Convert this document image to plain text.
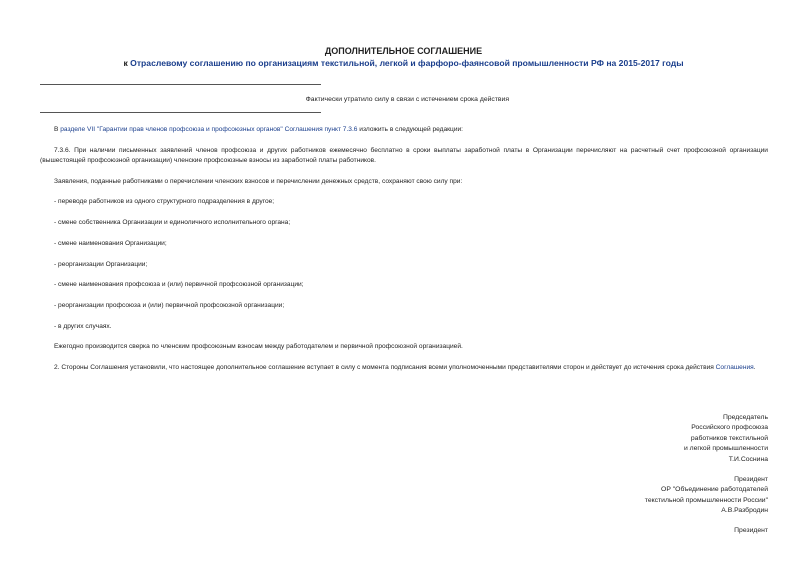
ДОПОЛНИТЕЛЬНОЕ СОГЛАШЕНИЕ
к Отраслевому соглашению по организациям текстильной, легкой и фарфоро-фаянсовой промышленности РФ на 2015-2017 годы
Фактически утратило силу в связи с истечением срока действия
В разделе VII "Гарантии прав членов профсоюза и профсоюзных органов" Соглашения пункт 7.3.6 изложить в следующей редакции:
7.3.6. При наличии письменных заявлений членов профсоюза и других работников ежемесячно бесплатно в сроки выплаты заработной платы в Организации перечисляют на расчетный счет профсоюзной организации (вышестоящей профсоюзной организации) членские профсоюзные взносы из заработной платы работников.
Заявления, поданные работниками о перечислении членских взносов и перечислении денежных средств, сохраняют свою силу при:
- переводе работников из одного структурного подразделения в другое;
- смене собственника Организации и единоличного исполнительного органа;
- смене наименования Организации;
- реорганизации Организации;
- смене наименования профсоюза и (или) первичной профсоюзной организации;
- реорганизации профсоюза и (или) первичной профсоюзной организации;
- в других случаях.
Ежегодно производится сверка по членским профсоюзным взносам между работодателем и первичной профсоюзной организацией.
2. Стороны Соглашения установили, что настоящее дополнительное соглашение вступает в силу с момента подписания всеми уполномоченными представителями сторон и действует до истечения срока действия Соглашения.
Председатель
Российского профсоюза
работников текстильной
и легкой промышленности
Т.И.Соснина
Президент
ОР "Объединение работодателей
текстильной промышленности России"
А.В.Разбродин
Президент
